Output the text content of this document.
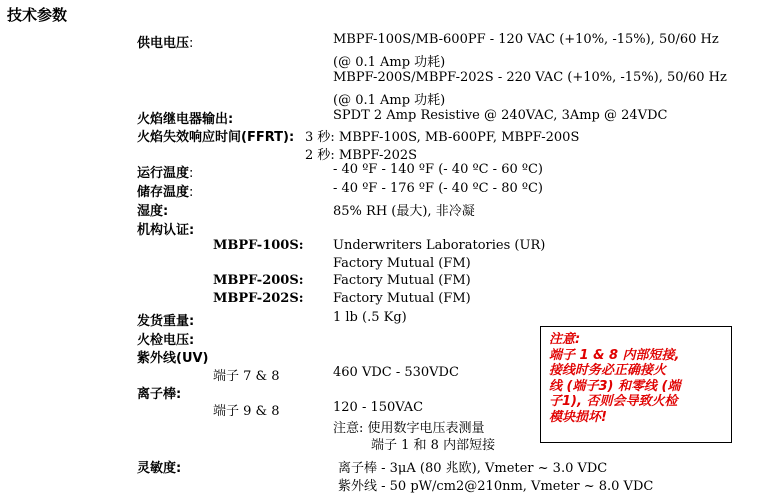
技术参数
供电电压:	MBPF-100S/MB-600PF - 120 VAC (+10%, -15%), 50/60 Hz
(@ 0.1 Amp 功耗)
MBPF-200S/MBPF-202S - 220 VAC (+10%, -15%), 50/60 Hz
(@ 0.1 Amp 功耗)
火焰继电器输出:	SPDT 2 Amp Resistive @ 240VAC, 3Amp @ 24VDC
火焰失效响应时间(FFRT): 3 秒: MBPF-100S, MB-600PF, MBPF-200S
2 秒: MBPF-202S
运行温度:	- 40 ºF - 140 ºF (- 40 ºC - 60 ºC)
储存温度:	- 40 ºF - 176 ºF (- 40 ºC - 80 ºC)
湿度:	85% RH (最大), 非冷凝
机构认证:
MBPF-100S: Underwriters Laboratories (UR)
Factory Mutual (FM)
MBPF-200S: Factory Mutual (FM)
MBPF-202S: Factory Mutual (FM)
发货重量:	1 lb (.5 Kg)
火检电压:
紫外线(UV)
端子 7 & 8	460 VDC - 530VDC
离子棒:
端子 9 & 8	120 - 150VAC
注意: 使用数字电压表测量
端子 1 和 8 内部短接
灵敏度:	离子棒 - 3μA (80 兆欧), Vmeter ~ 3.0 VDC
紫外线 - 50 pW/cm2@210nm, Vmeter ~ 8.0 VDC
注意:
端子 1 & 8 内部短接,
接线时务必正确接火
线 (端子3) 和零线 (端
子1), 否则会导致火检
模块损坏!
